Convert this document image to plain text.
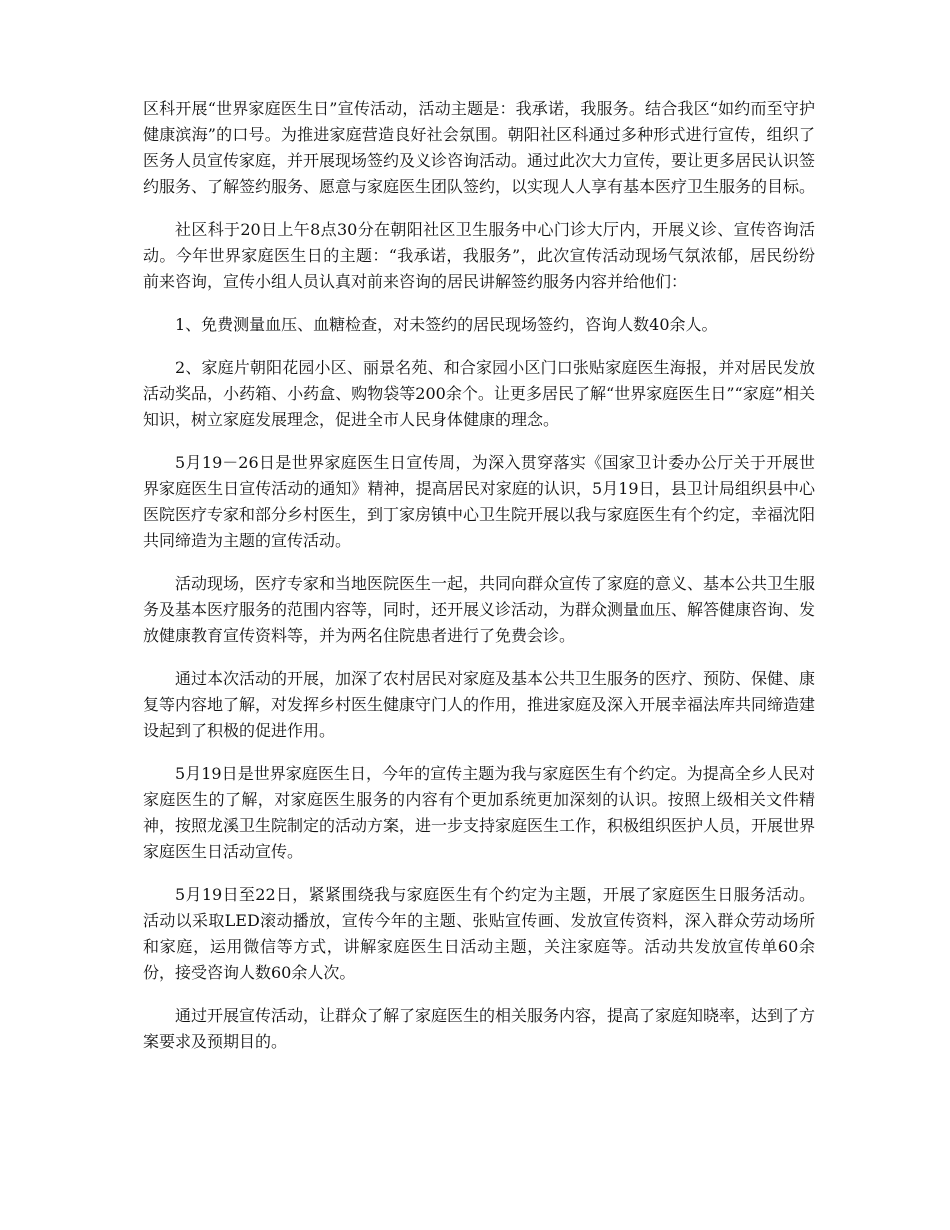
区科开展“世界家庭医生日”宣传活动，活动主题是：我承诺，我服务。结合我区“如约而至守护健康滨海”的口号。为推进家庭营造良好社会氛围。朝阳社区科通过多种形式进行宣传，组织了医务人员宣传家庭，并开展现场签约及义诊咨询活动。通过此次大力宣传，要让更多居民认识签约服务、了解签约服务、愿意与家庭医生团队签约，以实现人人享有基本医疗卫生服务的目标。

社区科于20日上午8点30分在朝阳社区卫生服务中心门诊大厅内，开展义诊、宣传咨询活动。今年世界家庭医生日的主题：“我承诺，我服务”，此次宣传活动现场气氛浓郁，居民纷纷前来咨询，宣传小组人员认真对前来咨询的居民讲解签约服务内容并给他们：

1、免费测量血压、血糖检查，对未签约的居民现场签约，咨询人数40余人。

2、家庭片朝阳花园小区、丽景名苑、和合家园小区门口张贴家庭医生海报，并对居民发放活动奖品，小药箱、小药盒、购物袋等200余个。让更多居民了解“世界家庭医生日”“家庭”相关知识，树立家庭发展理念，促进全市人民身体健康的理念。

5月19－26日是世界家庭医生日宣传周，为深入贯穿落实《国家卫计委办公厅关于开展世界家庭医生日宣传活动的通知》精神，提高居民对家庭的认识，5月19日，县卫计局组织县中心医院医疗专家和部分乡村医生，到丁家房镇中心卫生院开展以我与家庭医生有个约定，幸福沈阳共同缔造为主题的宣传活动。

活动现场，医疗专家和当地医院医生一起，共同向群众宣传了家庭的意义、基本公共卫生服务及基本医疗服务的范围内容等，同时，还开展义诊活动，为群众测量血压、解答健康咨询、发放健康教育宣传资料等，并为两名住院患者进行了免费会诊。

通过本次活动的开展，加深了农村居民对家庭及基本公共卫生服务的医疗、预防、保健、康复等内容地了解，对发挥乡村医生健康守门人的作用，推进家庭及深入开展幸福法库共同缔造建设起到了积极的促进作用。

5月19日是世界家庭医生日，今年的宣传主题为我与家庭医生有个约定。为提高全乡人民对家庭医生的了解，对家庭医生服务的内容有个更加系统更加深刻的认识。按照上级相关文件精神，按照龙溪卫生院制定的活动方案，进一步支持家庭医生工作，积极组织医护人员，开展世界家庭医生日活动宣传。

5月19日至22日，紧紧围绕我与家庭医生有个约定为主题，开展了家庭医生日服务活动。活动以采取LED滚动播放，宣传今年的主题、张贴宣传画、发放宣传资料，深入群众劳动场所和家庭，运用微信等方式，讲解家庭医生日活动主题，关注家庭等。活动共发放宣传单60余份，接受咨询人数60余人次。

通过开展宣传活动，让群众了解了家庭医生的相关服务内容，提高了家庭知晓率，达到了方案要求及预期目的。
